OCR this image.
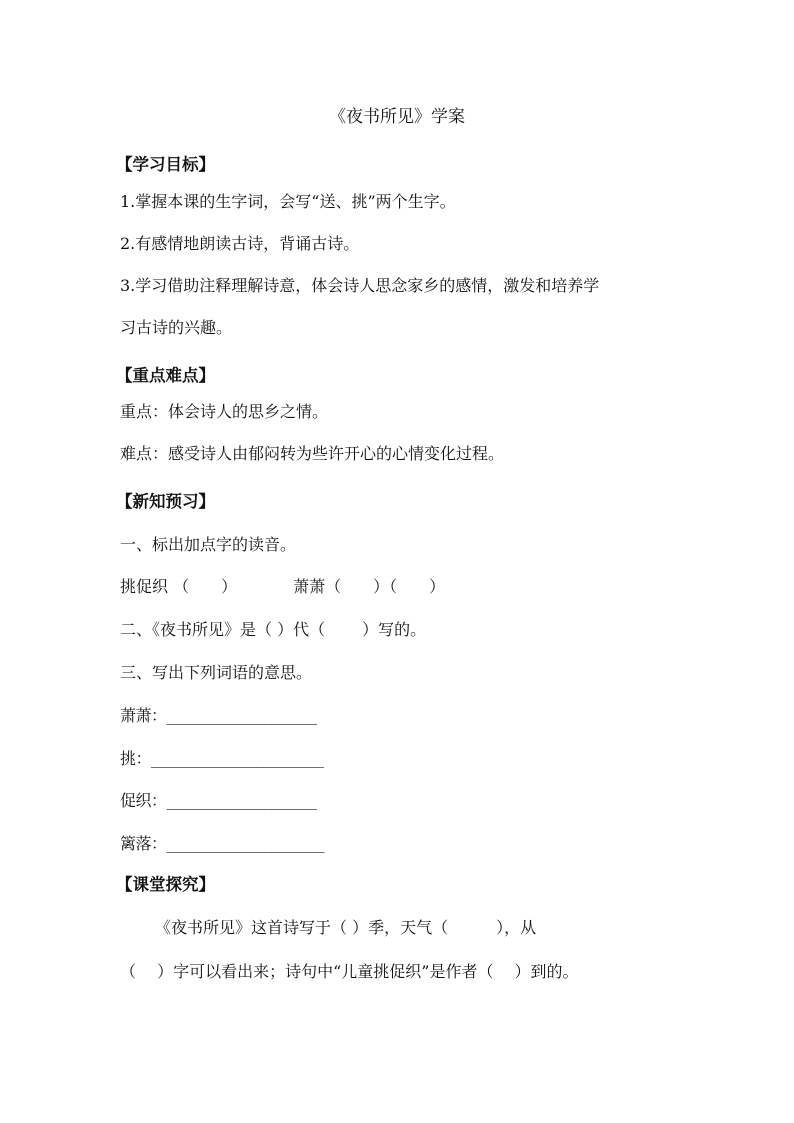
《夜书所见》学案

【学习目标】

1.掌握本课的生字词，会写“送、挑”两个生字。

2.有感情地朗读古诗，背诵古诗。

3.学习借助注释理解诗意，体会诗人思念家乡的感情，激发和培养学

习古诗的兴趣。

【重点难点】

重点：体会诗人的思乡之情。

难点：感受诗人由郁闷转为些许开心的心情变化过程。

【新知预习】

一、标出加点字的读音。

挑促织 （　　）　　　　萧萧（　　）（　　）

二、《夜书所见》是（ ）代（　　 ）写的。

三、写出下列词语的意思。

萧萧：____________________

挑：_______________________

促织：____________________

篱落：_____________________

【课堂探究】

《夜书所见》这首诗写于（ ）季，天气（　　　），从

（　 ）字可以看出来；诗句中“儿童挑促织”是作者（　 ）到的。
